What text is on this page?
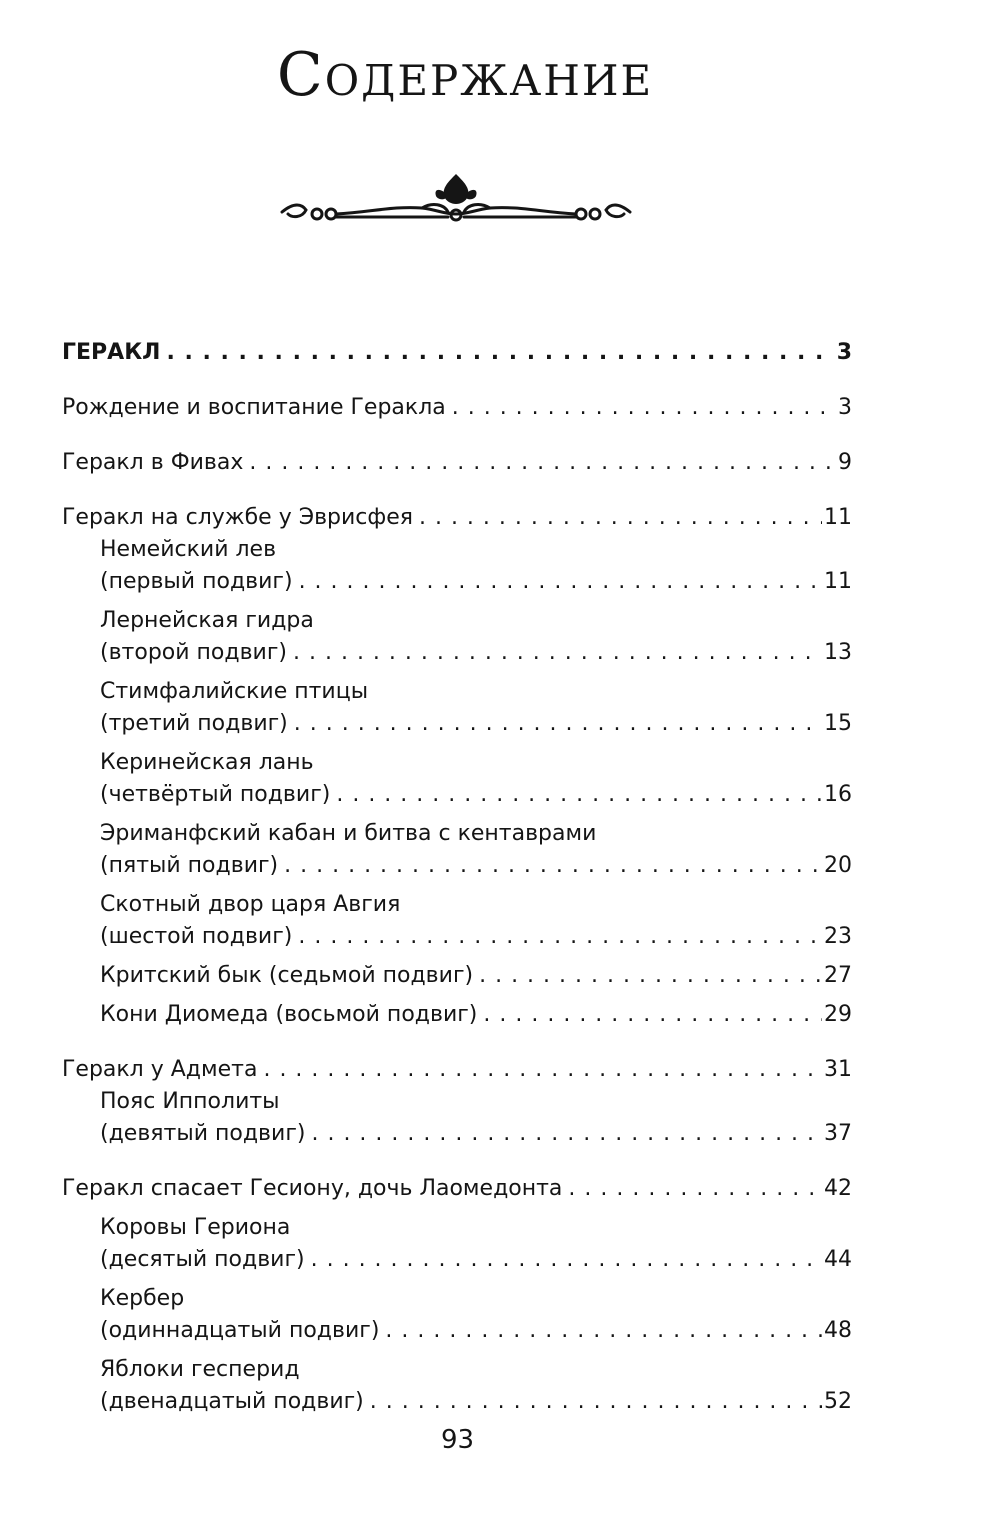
Содержание
ГЕРАКЛ . . .	3
Рождение и воспитание Геракла . . .	3
Геракл в Фивах . . .	9
Геракл на службе у Эврисфея . . .	11
Немейский лев
(первый подвиг) . . .	11
Лернейская гидра
(второй подвиг) . . .	13
Стимфалийские птицы
(третий подвиг) . . .	15
Керинейская лань
(четвёртый подвиг) . . .	16
Эриманфский кабан и битва с кентаврами
(пятый подвиг) . . .	20
Скотный двор царя Авгия
(шестой подвиг) . . .	23
Критский бык (седьмой подвиг) . . .	27
Кони Диомеда (восьмой подвиг) . . .	29
Геракл у Адмета . . .	31
Пояс Ипполиты
(девятый подвиг) . . .	37
Геракл спасает Гесиону, дочь Лаомедонта . . .	42
Коровы Гериона
(десятый подвиг) . . .	44
Кербер
(одиннадцатый подвиг) . . .	48
Яблоки гесперид
(двенадцатый подвиг) . . .	52
93
